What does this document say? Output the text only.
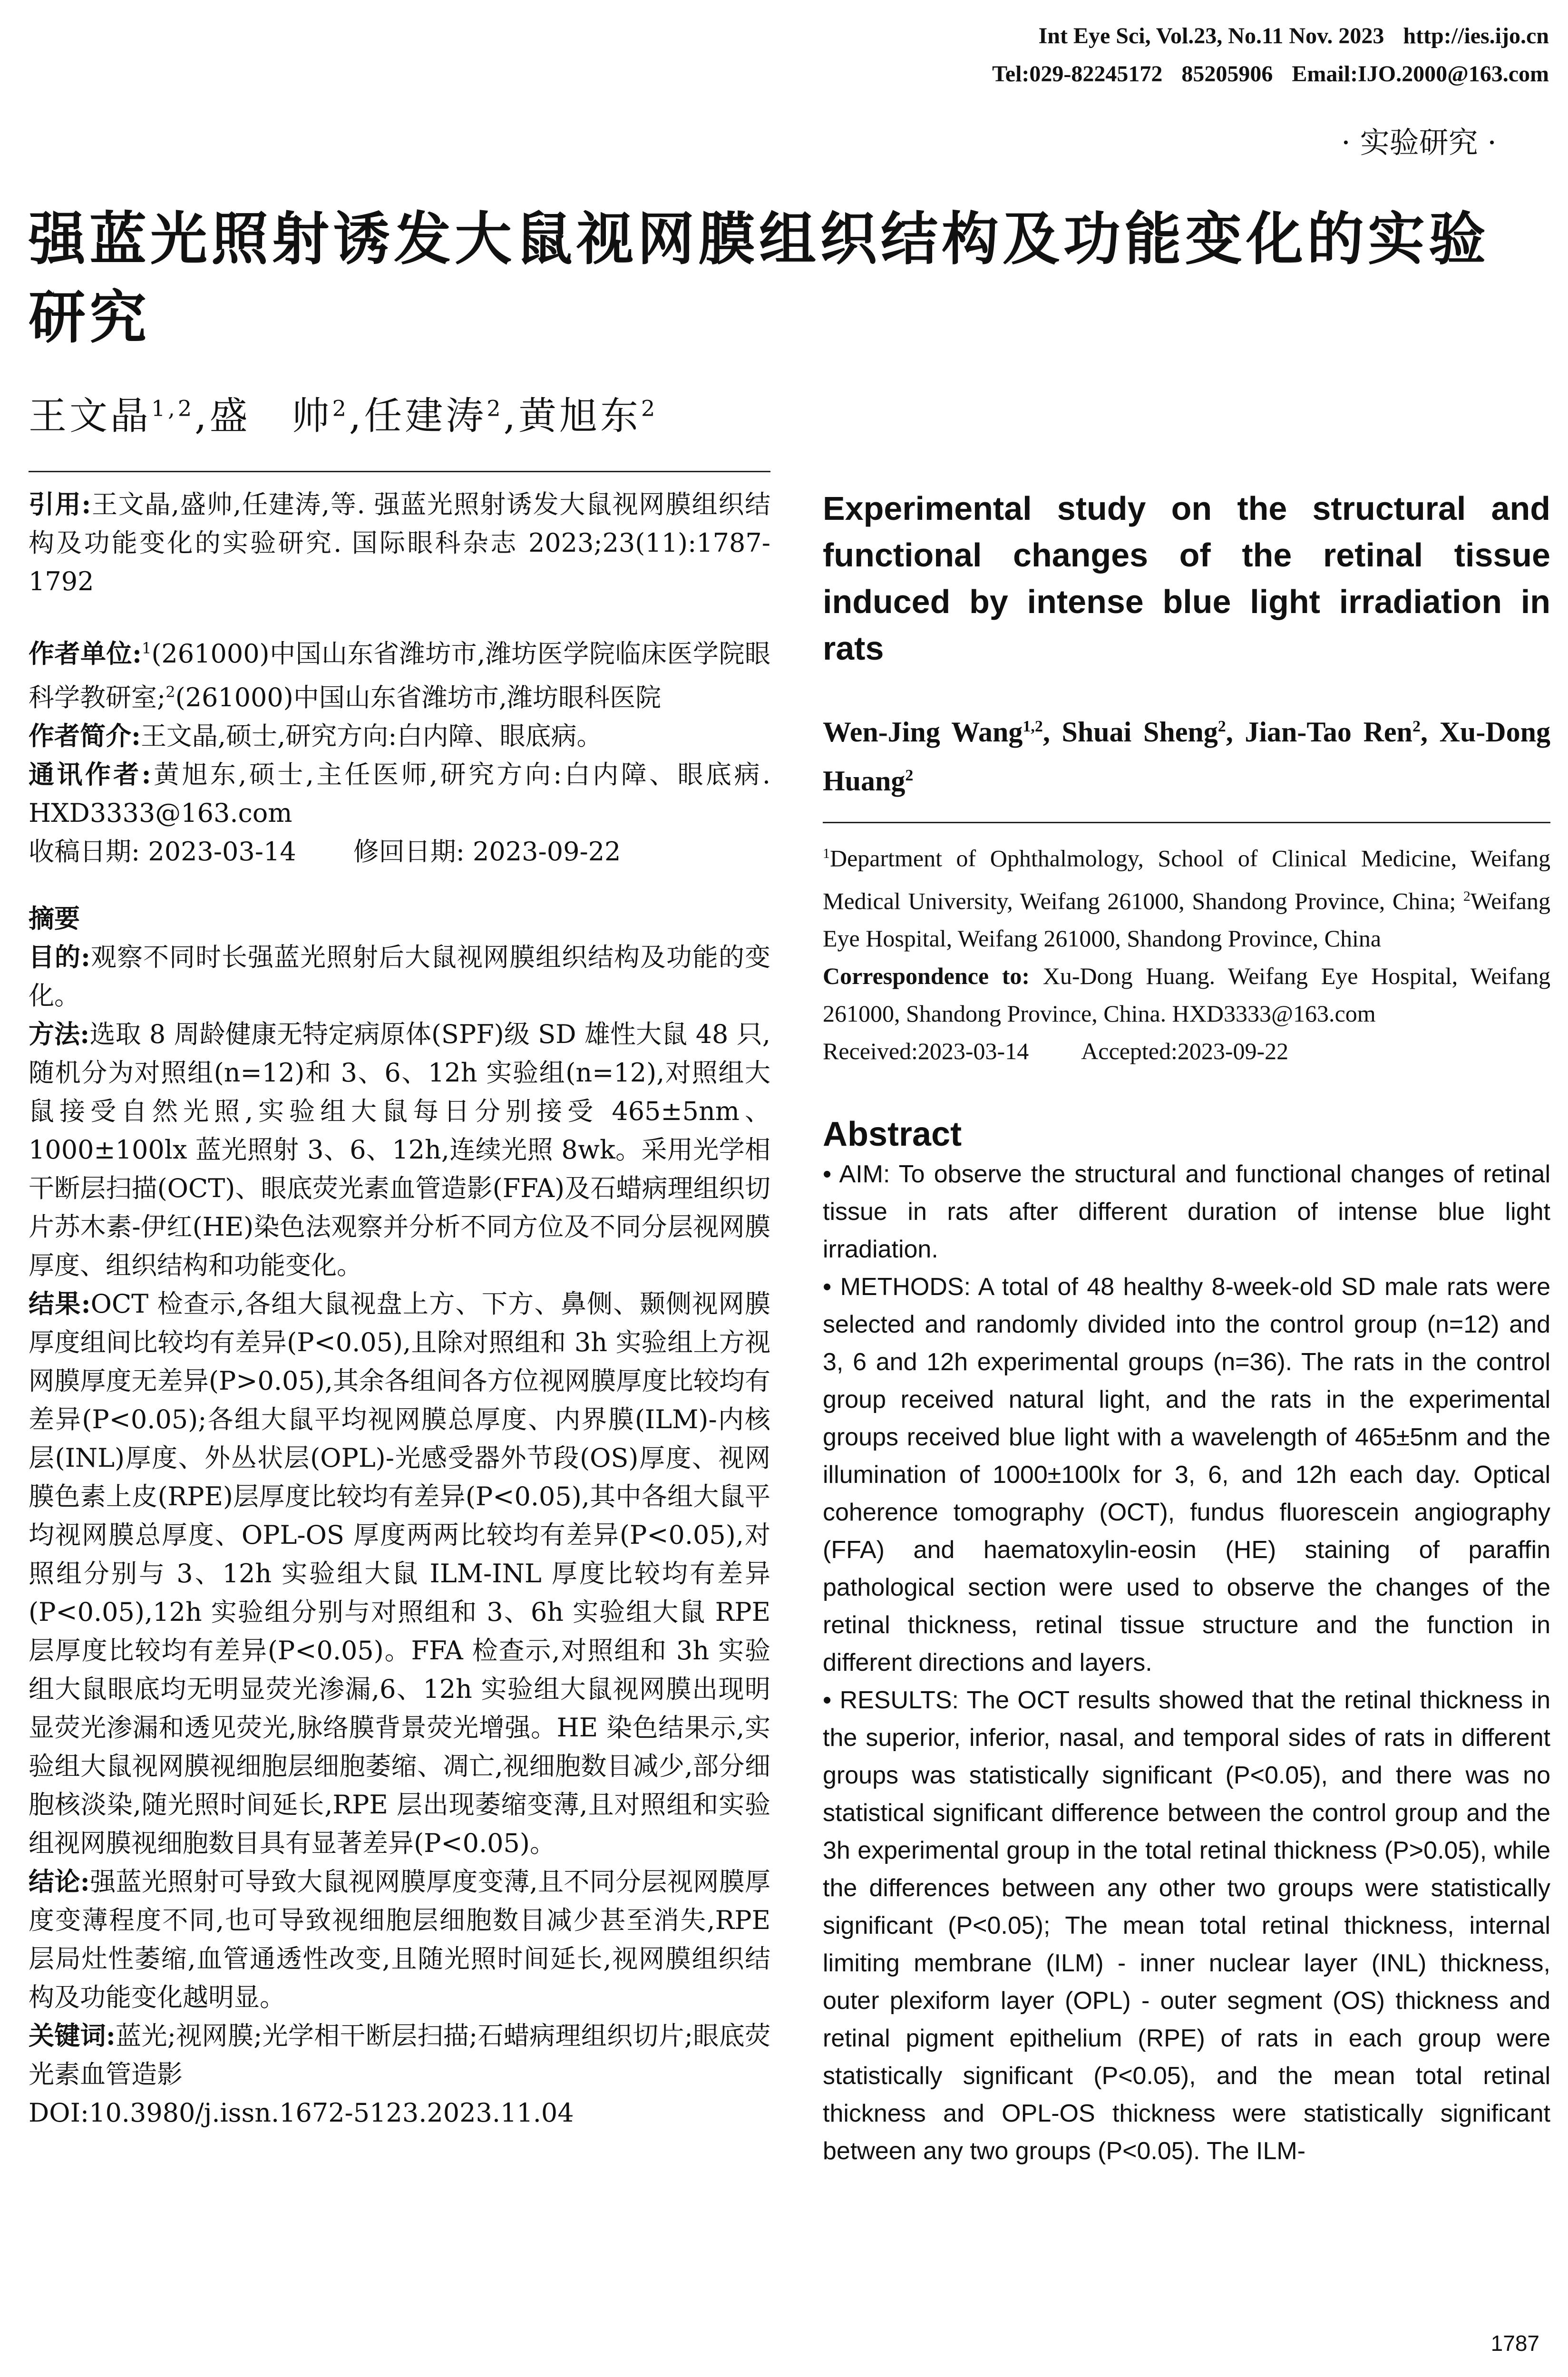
Int Eye Sci, Vol.23, No.11 Nov. 2023 http://ies.ijo.cn
Tel:029-82245172 85205906 Email:IJO.2000@163.com
· 实验研究 ·
强蓝光照射诱发大鼠视网膜组织结构及功能变化的实验研究
王文晶$^{1,2}$,盛　帅$^2$,任建涛$^2$,黄旭东$^2$

引用:王文晶,盛帅,任建涛,等. 强蓝光照射诱发大鼠视网膜组织结构及功能变化的实验研究. 国际眼科杂志 2023;23(11):1787-1792

作者单位:$^1$(261000)中国山东省潍坊市,潍坊医学院临床医学院眼科学教研室;$^2$(261000)中国山东省潍坊市,潍坊眼科医院

作者简介:王文晶,硕士,研究方向:白内障、眼底病。

通讯作者:黄旭东,硕士,主任医师,研究方向:白内障、眼底病. HXD3333@163.com

收稿日期: 2023-03-14 修回日期: 2023-09-22

摘要

目的:观察不同时长强蓝光照射后大鼠视网膜组织结构及功能的变化。

方法:选取 8 周龄健康无特定病原体(SPF)级 SD 雄性大鼠 48 只,随机分为对照组(n=12)和 3、6、12h 实验组(n=12),对照组大鼠接受自然光照,实验组大鼠每日分别接受 465±5nm、1000±100lx 蓝光照射 3、6、12h,连续光照 8wk。采用光学相干断层扫描(OCT)、眼底荧光素血管造影(FFA)及石蜡病理组织切片苏木素-伊红(HE)染色法观察并分析不同方位及不同分层视网膜厚度、组织结构和功能变化。

结果:OCT 检查示,各组大鼠视盘上方、下方、鼻侧、颞侧视网膜厚度组间比较均有差异(P<0.05),且除对照组和 3h 实验组上方视网膜厚度无差异(P>0.05),其余各组间各方位视网膜厚度比较均有差异(P<0.05);各组大鼠平均视网膜总厚度、内界膜(ILM)-内核层(INL)厚度、外丛状层(OPL)-光感受器外节段(OS)厚度、视网膜色素上皮(RPE)层厚度比较均有差异(P<0.05),其中各组大鼠平均视网膜总厚度、OPL-OS 厚度两两比较均有差异(P<0.05),对照组分别与 3、12h 实验组大鼠 ILM-INL 厚度比较均有差异(P<0.05),12h 实验组分别与对照组和 3、6h 实验组大鼠 RPE 层厚度比较均有差异(P<0.05)。FFA 检查示,对照组和 3h 实验组大鼠眼底均无明显荧光渗漏,6、12h 实验组大鼠视网膜出现明显荧光渗漏和透见荧光,脉络膜背景荧光增强。HE 染色结果示,实验组大鼠视网膜视细胞层细胞萎缩、凋亡,视细胞数目减少,部分细胞核淡染,随光照时间延长,RPE 层出现萎缩变薄,且对照组和实验组视网膜视细胞数目具有显著差异(P<0.05)。

结论:强蓝光照射可导致大鼠视网膜厚度变薄,且不同分层视网膜厚度变薄程度不同,也可导致视细胞层细胞数目减少甚至消失,RPE 层局灶性萎缩,血管通透性改变,且随光照时间延长,视网膜组织结构及功能变化越明显。

关键词:蓝光;视网膜;光学相干断层扫描;石蜡病理组织切片;眼底荧光素血管造影

DOI:10.3980/j.issn.1672-5123.2023.11.04

Experimental study on the structural and functional changes of the retinal tissue induced by intense blue light irradiation in rats
Wen-Jing Wang$^{1,2}$, Shuai Sheng$^2$, Jian-Tao Ren$^2$, Xu-Dong Huang$^2$
$^1$Department of Ophthalmology, School of Clinical Medicine, Weifang Medical University, Weifang 261000, Shandong Province, China; $^2$Weifang Eye Hospital, Weifang 261000, Shandong Province, China
Correspondence to: Xu-Dong Huang. Weifang Eye Hospital, Weifang 261000, Shandong Province, China. HXD3333@163.com
Received:2023-03-14 Accepted:2023-09-22
Abstract

• AIM: To observe the structural and functional changes of retinal tissue in rats after different duration of intense blue light irradiation.

• METHODS: A total of 48 healthy 8-week-old SD male rats were selected and randomly divided into the control group (n=12) and 3, 6 and 12h experimental groups (n=36). The rats in the control group received natural light, and the rats in the experimental groups received blue light with a wavelength of 465±5nm and the illumination of 1000±100lx for 3, 6, and 12h each day. Optical coherence tomography (OCT), fundus fluorescein angiography (FFA) and haematoxylin-eosin (HE) staining of paraffin pathological section were used to observe the changes of the retinal thickness, retinal tissue structure and the function in different directions and layers.

• RESULTS: The OCT results showed that the retinal thickness in the superior, inferior, nasal, and temporal sides of rats in different groups was statistically significant (P<0.05), and there was no statistical significant difference between the control group and the 3h experimental group in the total retinal thickness (P>0.05), while the differences between any other two groups were statistically significant (P<0.05); The mean total retinal thickness, internal limiting membrane (ILM) - inner nuclear layer (INL) thickness, outer plexiform layer (OPL) - outer segment (OS) thickness and retinal pigment epithelium (RPE) of rats in each group were statistically significant (P<0.05), and the mean total retinal thickness and OPL-OS thickness were statistically significant between any two groups (P<0.05). The ILM-

1787
